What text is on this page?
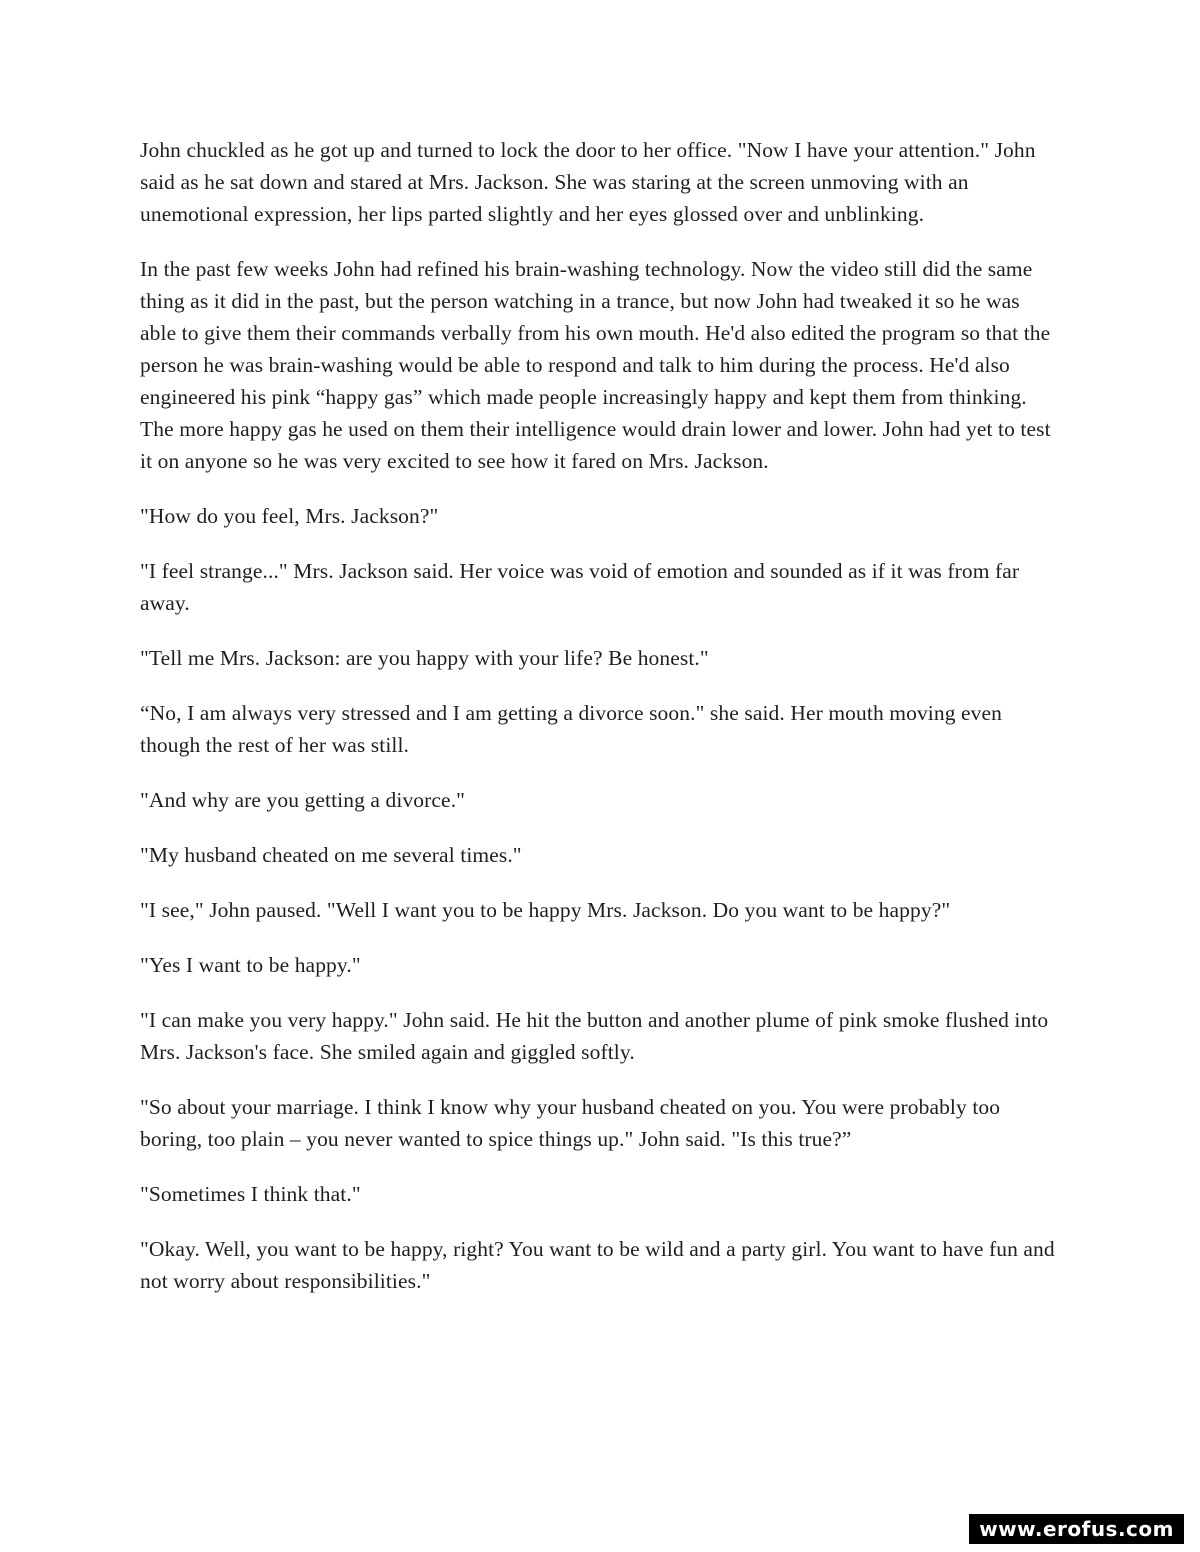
John chuckled as he got up and turned to lock the door to her office. "Now I have your attention." John said as he sat down and stared at Mrs. Jackson. She was staring at the screen unmoving with an unemotional expression, her lips parted slightly and her eyes glossed over and unblinking.

In the past few weeks John had refined his brain-washing technology. Now the video still did the same thing as it did in the past, but the person watching in a trance, but now John had tweaked it so he was able to give them their commands verbally from his own mouth. He'd also edited the program so that the person he was brain-washing would be able to respond and talk to him during the process. He'd also engineered his pink “happy gas” which made people increasingly happy and kept them from thinking. The more happy gas he used on them their intelligence would drain lower and lower. John had yet to test it on anyone so he was very excited to see how it fared on Mrs. Jackson.

"How do you feel, Mrs. Jackson?"

"I feel strange..." Mrs. Jackson said. Her voice was void of emotion and sounded as if it was from far away.

"Tell me Mrs. Jackson: are you happy with your life? Be honest."

“No, I am always very stressed and I am getting a divorce soon." she said. Her mouth moving even though the rest of her was still.

"And why are you getting a divorce."

"My husband cheated on me several times."

"I see," John paused. "Well I want you to be happy Mrs. Jackson. Do you want to be happy?"

"Yes I want to be happy."

"I can make you very happy." John said. He hit the button and another plume of pink smoke flushed into Mrs. Jackson's face. She smiled again and giggled softly.

"So about your marriage. I think I know why your husband cheated on you. You were probably too boring, too plain – you never wanted to spice things up." John said. "Is this true?”

"Sometimes I think that."

"Okay. Well, you want to be happy, right? You want to be wild and a party girl. You want to have fun and not worry about responsibilities."

www.erofus.com
